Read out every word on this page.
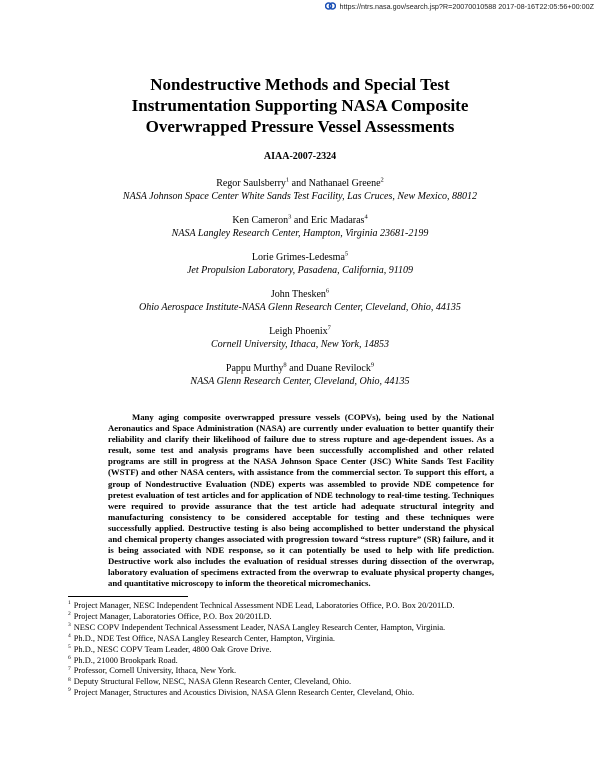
https://ntrs.nasa.gov/search.jsp?R=20070010588 2017-08-16T22:05:56+00:00Z
Nondestructive Methods and Special Test
Instrumentation Supporting NASA Composite
Overwrapped Pressure Vessel Assessments
AIAA-2007-2324
Regor Saulsberry$^1$ and Nathanael Greene$^2$
NASA Johnson Space Center White Sands Test Facility, Las Cruces, New Mexico, 88012
Ken Cameron$^3$ and Eric Madaras$^4$
NASA Langley Research Center, Hampton, Virginia 23681-2199
Lorie Grimes-Ledesma$^5$
Jet Propulsion Laboratory, Pasadena, California, 91109
John Thesken$^6$
Ohio Aerospace Institute-NASA Glenn Research Center, Cleveland, Ohio, 44135
Leigh Phoenix$^7$
Cornell University, Ithaca, New York, 14853
Pappu Murthy$^8$ and Duane Revilock$^9$
NASA Glenn Research Center, Cleveland, Ohio, 44135

Many aging composite overwrapped pressure vessels (COPVs), being used by the National Aeronautics and Space Administration (NASA) are currently under evaluation to better quantify their reliability and clarify their likelihood of failure due to stress rupture and age-dependent issues. As a result, some test and analysis programs have been successfully accomplished and other related programs are still in progress at the NASA Johnson Space Center (JSC) White Sands Test Facility (WSTF) and other NASA centers, with assistance from the commercial sector. To support this effort, a group of Nondestructive Evaluation (NDE) experts was assembled to provide NDE competence for pretest evaluation of test articles and for application of NDE technology to real-time testing. Techniques were required to provide assurance that the test article had adequate structural integrity and manufacturing consistency to be considered acceptable for testing and these techniques were successfully applied. Destructive testing is also being accomplished to better understand the physical and chemical property changes associated with progression toward “stress rupture” (SR) failure, and it is being associated with NDE response, so it can potentially be used to help with life prediction. Destructive work also includes the evaluation of residual stresses during dissection of the overwrap, laboratory evaluation of specimens extracted from the overwrap to evaluate physical property changes, and quantitative microscopy to inform the theoretical micromechanics.

$^1$ Project Manager, NESC Independent Technical Assessment NDE Lead, Laboratories Office, P.O. Box 20/201LD.
$^2$ Project Manager, Laboratories Office, P.O. Box 20/201LD.
$^3$ NESC COPV Independent Technical Assessment Leader, NASA Langley Research Center, Hampton, Virginia.
$^4$ Ph.D., NDE Test Office, NASA Langley Research Center, Hampton, Virginia.
$^5$ Ph.D., NESC COPV Team Leader, 4800 Oak Grove Drive.
$^6$ Ph.D., 21000 Brookpark Road.
$^7$ Professor, Cornell University, Ithaca, New York.
$^8$ Deputy Structural Fellow, NESC, NASA Glenn Research Center, Cleveland, Ohio.
$^9$ Project Manager, Structures and Acoustics Division, NASA Glenn Research Center, Cleveland, Ohio.
